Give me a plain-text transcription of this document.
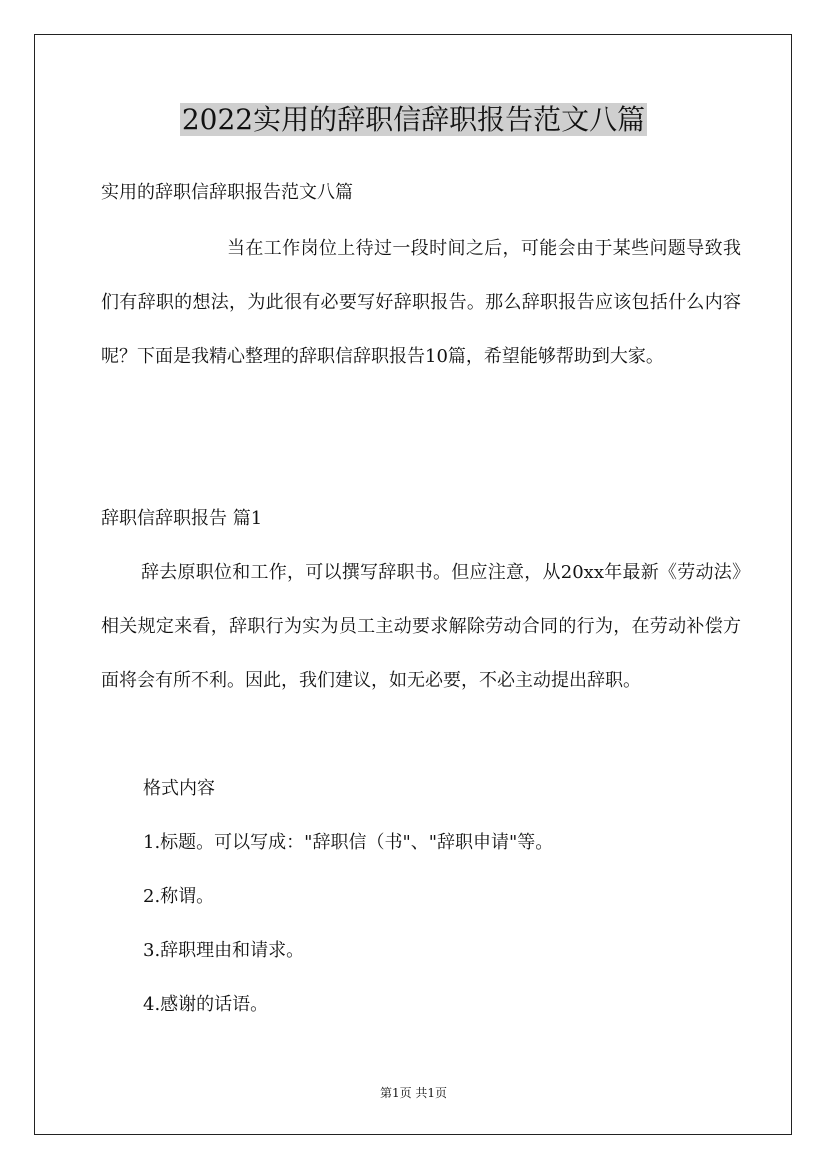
2022实用的辞职信辞职报告范文八篇
实用的辞职信辞职报告范文八篇
当在工作岗位上待过一段时间之后，可能会由于某些问题导致我们有辞职的想法，为此很有必要写好辞职报告。那么辞职报告应该包括什么内容呢？下面是我精心整理的辞职信辞职报告10篇，希望能够帮助到大家。
辞职信辞职报告 篇1
辞去原职位和工作，可以撰写辞职书。但应注意，从20xx年最新《劳动法》相关规定来看，辞职行为实为员工主动要求解除劳动合同的行为，在劳动补偿方面将会有所不利。因此，我们建议，如无必要，不必主动提出辞职。
格式内容
1.标题。可以写成："辞职信（书"、"辞职申请"等。
2.称谓。
3.辞职理由和请求。
4.感谢的话语。
第1页 共1页
